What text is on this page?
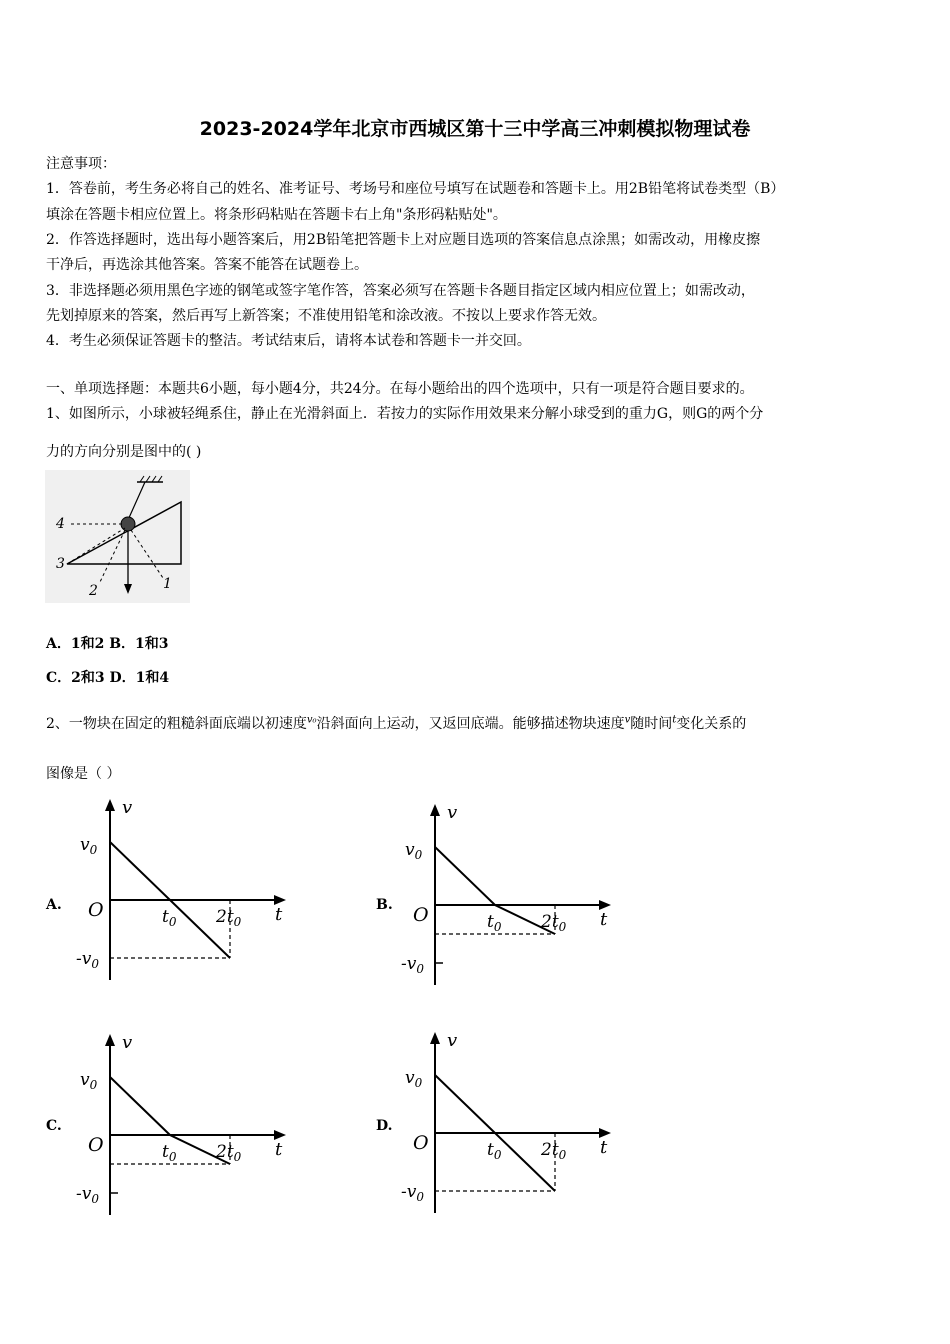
2023-2024学年北京市西城区第十三中学高三冲刺模拟物理试卷
注意事项：
1．答卷前，考生务必将自己的姓名、准考证号、考场号和座位号填写在试题卷和答题卡上。用2B铅笔将试卷类型（B）
填涂在答题卡相应位置上。将条形码粘贴在答题卡右上角"条形码粘贴处"。
2．作答选择题时，选出每小题答案后，用2B铅笔把答题卡上对应题目选项的答案信息点涂黑；如需改动，用橡皮擦
干净后，再选涂其他答案。答案不能答在试题卷上。
3．非选择题必须用黑色字迹的钢笔或签字笔作答，答案必须写在答题卡各题目指定区域内相应位置上；如需改动，
先划掉原来的答案，然后再写上新答案；不准使用铅笔和涂改液。不按以上要求作答无效。
4．考生必须保证答题卡的整洁。考试结束后，请将本试卷和答题卡一并交回。
一、单项选择题：本题共6小题，每小题4分，共24分。在每小题给出的四个选项中，只有一项是符合题目要求的。
1、如图所示，小球被轻绳系住，静止在光滑斜面上．若按力的实际作用效果来分解小球受到的重力G，则G的两个分
力的方向分别是图中的( )
4
3
2	1
A．1和2 B．1和3
C．2和3 D．1和4
2、一物块在固定的粗糙斜面底端以初速度$^{v_0}$沿斜面向上运动，又返回底端。能够描述物块速度$^v$随时间$^t$变化关系的
图像是（ ）
A.	B.
C.	D.
v
t
O
$v_0$
$-v_0$
$t_0$ $2t_0$
v
t
O
$v_0$
$-v_0$
$t_0$ $2t_0$
v
t
O
$v_0$
$-v_0$
$t_0$ $2t_0$
v
t
O
$v_0$
$-v_0$
$t_0$ $2t_0$
